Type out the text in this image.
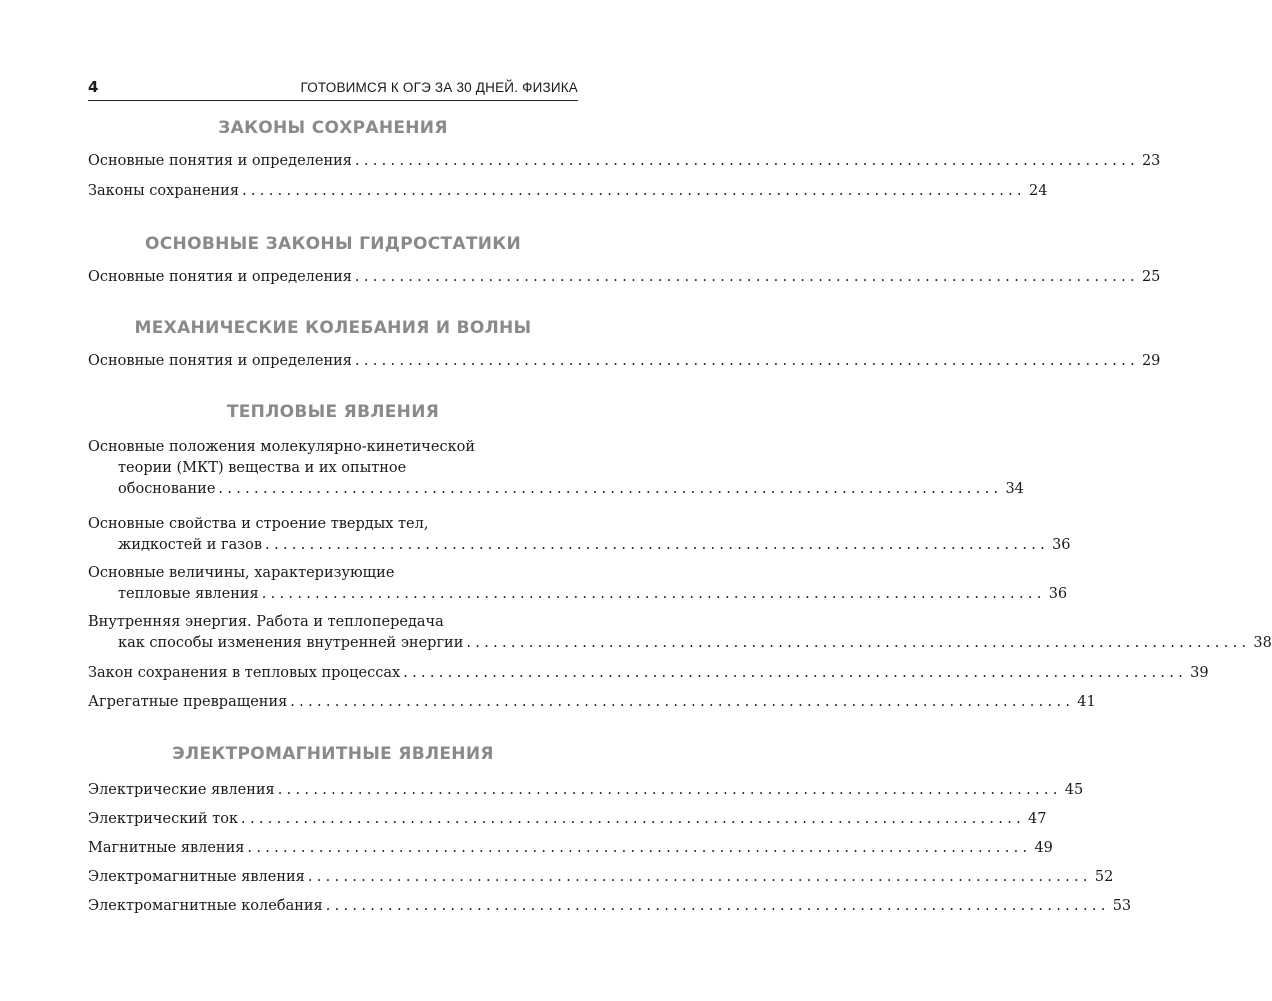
4	ГОТОВИМСЯ К ОГЭ ЗА 30 ДНЕЙ. ФИЗИКА
ЗАКОНЫ СОХРАНЕНИЯ
Основные понятия и определения ........................................................................................ 23
Законы сохранения ........................................................................................ 24
ОСНОВНЫЕ ЗАКОНЫ ГИДРОСТАТИКИ
Основные понятия и определения ........................................................................................ 25
МЕХАНИЧЕСКИЕ КОЛЕБАНИЯ И ВОЛНЫ
Основные понятия и определения ........................................................................................ 29
ТЕПЛОВЫЕ ЯВЛЕНИЯ
Основные положения молекулярно-кинетической
теории (МКТ) вещества и их опытное
обоснование ........................................................................................ 34
Основные свойства и строение твердых тел,
жидкостей и газов ........................................................................................ 36
Основные величины, характеризующие
тепловые явления ........................................................................................ 36
Внутренняя энергия. Работа и теплопередача
как способы изменения внутренней энергии ........................................................................................ 38
Закон сохранения в тепловых процессах ........................................................................................ 39
Агрегатные превращения ........................................................................................ 41
ЭЛЕКТРОМАГНИТНЫЕ ЯВЛЕНИЯ
Электрические явления ........................................................................................ 45
Электрический ток ........................................................................................ 47
Магнитные явления ........................................................................................ 49
Электромагнитные явления ........................................................................................ 52
Электромагнитные колебания ........................................................................................ 53
